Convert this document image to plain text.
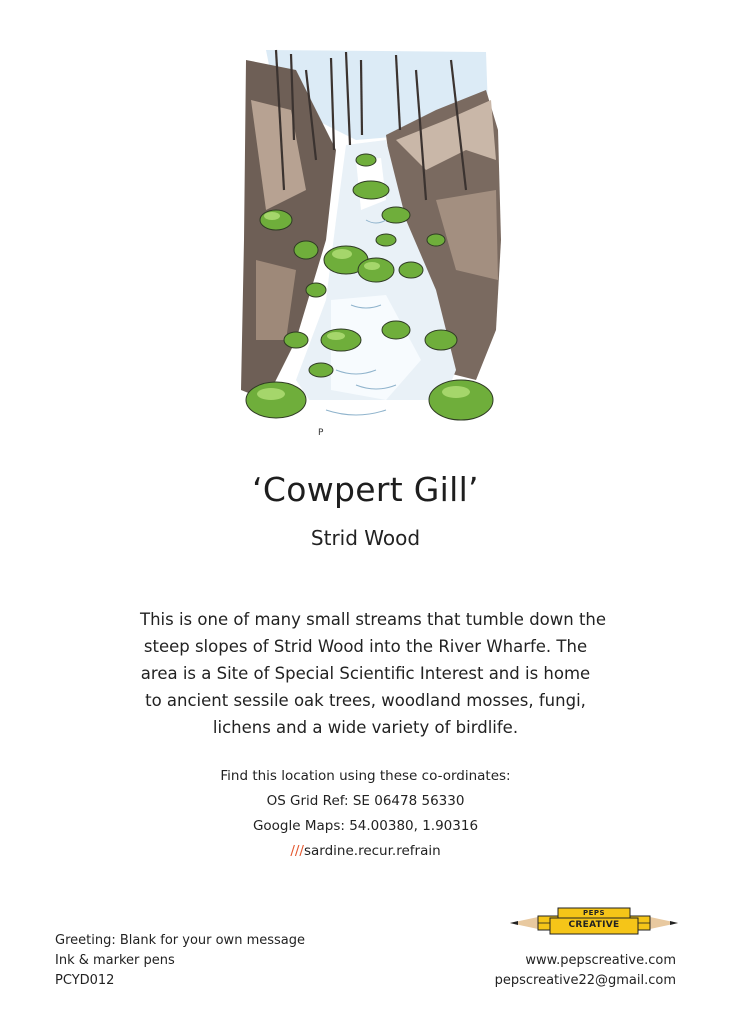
P
‘Cowpert Gill’
Strid Wood
This is one of many small streams that tumble down the
steep slopes of Strid Wood into the River Wharfe. The
area is a Site of Special Scientific Interest and is home
to ancient sessile oak trees, woodland mosses, fungi,
lichens and a wide variety of birdlife.
Find this location using these co-ordinates:
OS Grid Ref: SE 06478 56330
Google Maps: 54.00380, 1.90316
///sardine.recur.refrain
Greeting: Blank for your own message
Ink & marker pens
PCYD012
PEPS
CREATIVE
www.pepscreative.com
pepscreative22@gmail.com
